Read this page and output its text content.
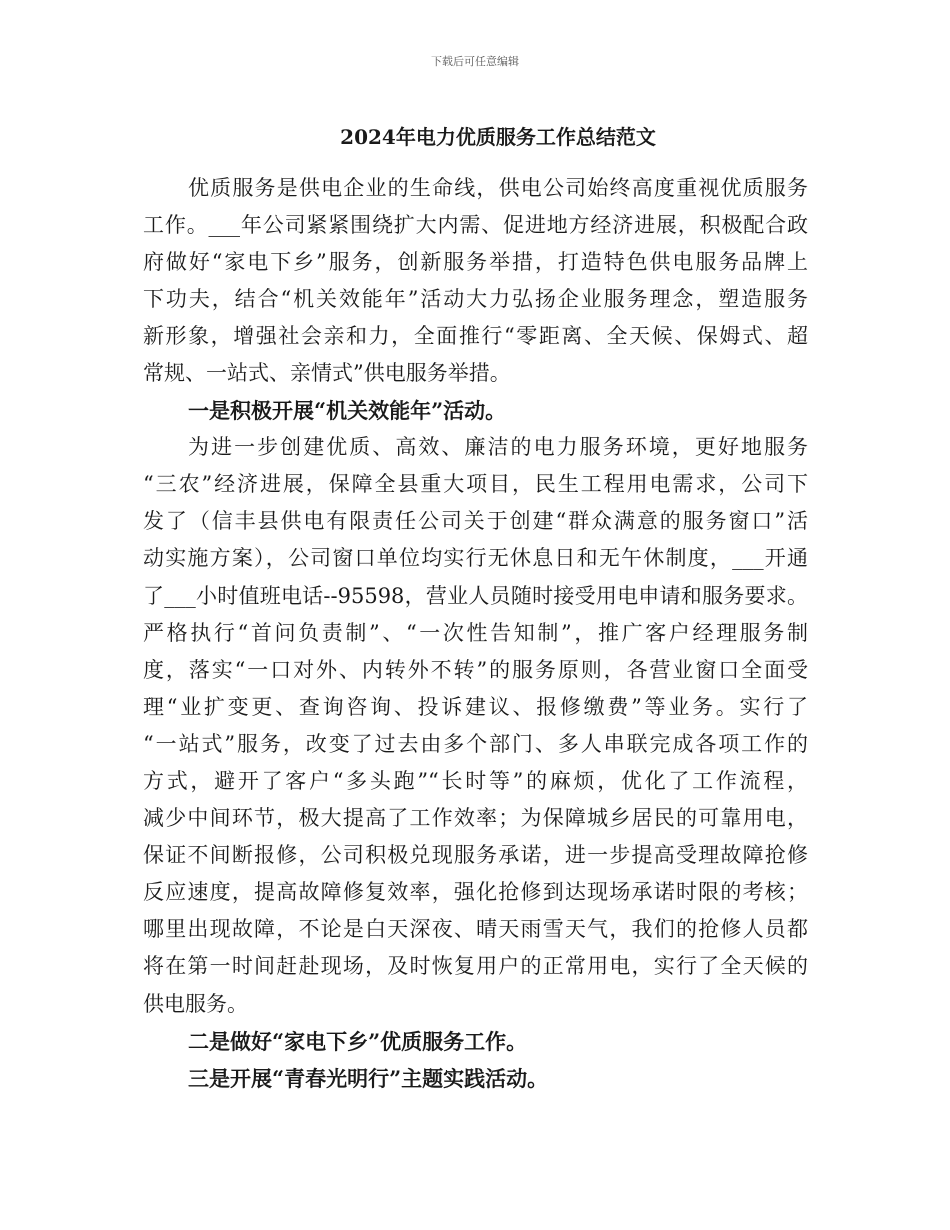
下载后可任意编辑
2024年电力优质服务工作总结范文
优质服务是供电企业的生命线，供电公司始终高度重视优质服务
工作。___年公司紧紧围绕扩大内需、促进地方经济进展，积极配合政
府做好“家电下乡”服务，创新服务举措，打造特色供电服务品牌上
下功夫，结合“机关效能年”活动大力弘扬企业服务理念，塑造服务
新形象，增强社会亲和力，全面推行“零距离、全天候、保姆式、超
常规、一站式、亲情式”供电服务举措。
一是积极开展“机关效能年”活动。
为进一步创建优质、高效、廉洁的电力服务环境，更好地服务
“三农”经济进展，保障全县重大项目，民生工程用电需求，公司下
发了（信丰县供电有限责任公司关于创建“群众满意的服务窗口”活
动实施方案），公司窗口单位均实行无休息日和无午休制度，___开通
了___小时值班电话--95598，营业人员随时接受用电申请和服务要求。
严格执行“首问负责制”、“一次性告知制”，推广客户经理服务制
度，落实“一口对外、内转外不转”的服务原则，各营业窗口全面受
理“业扩变更、查询咨询、投诉建议、报修缴费”等业务。实行了
“一站式”服务，改变了过去由多个部门、多人串联完成各项工作的
方式，避开了客户“多头跑”“长时等”的麻烦，优化了工作流程，
减少中间环节，极大提高了工作效率；为保障城乡居民的可靠用电，
保证不间断报修，公司积极兑现服务承诺，进一步提高受理故障抢修
反应速度，提高故障修复效率，强化抢修到达现场承诺时限的考核；
哪里出现故障，不论是白天深夜、晴天雨雪天气，我们的抢修人员都
将在第一时间赶赴现场，及时恢复用户的正常用电，实行了全天候的
供电服务。
二是做好“家电下乡”优质服务工作。
三是开展“青春光明行”主题实践活动。
